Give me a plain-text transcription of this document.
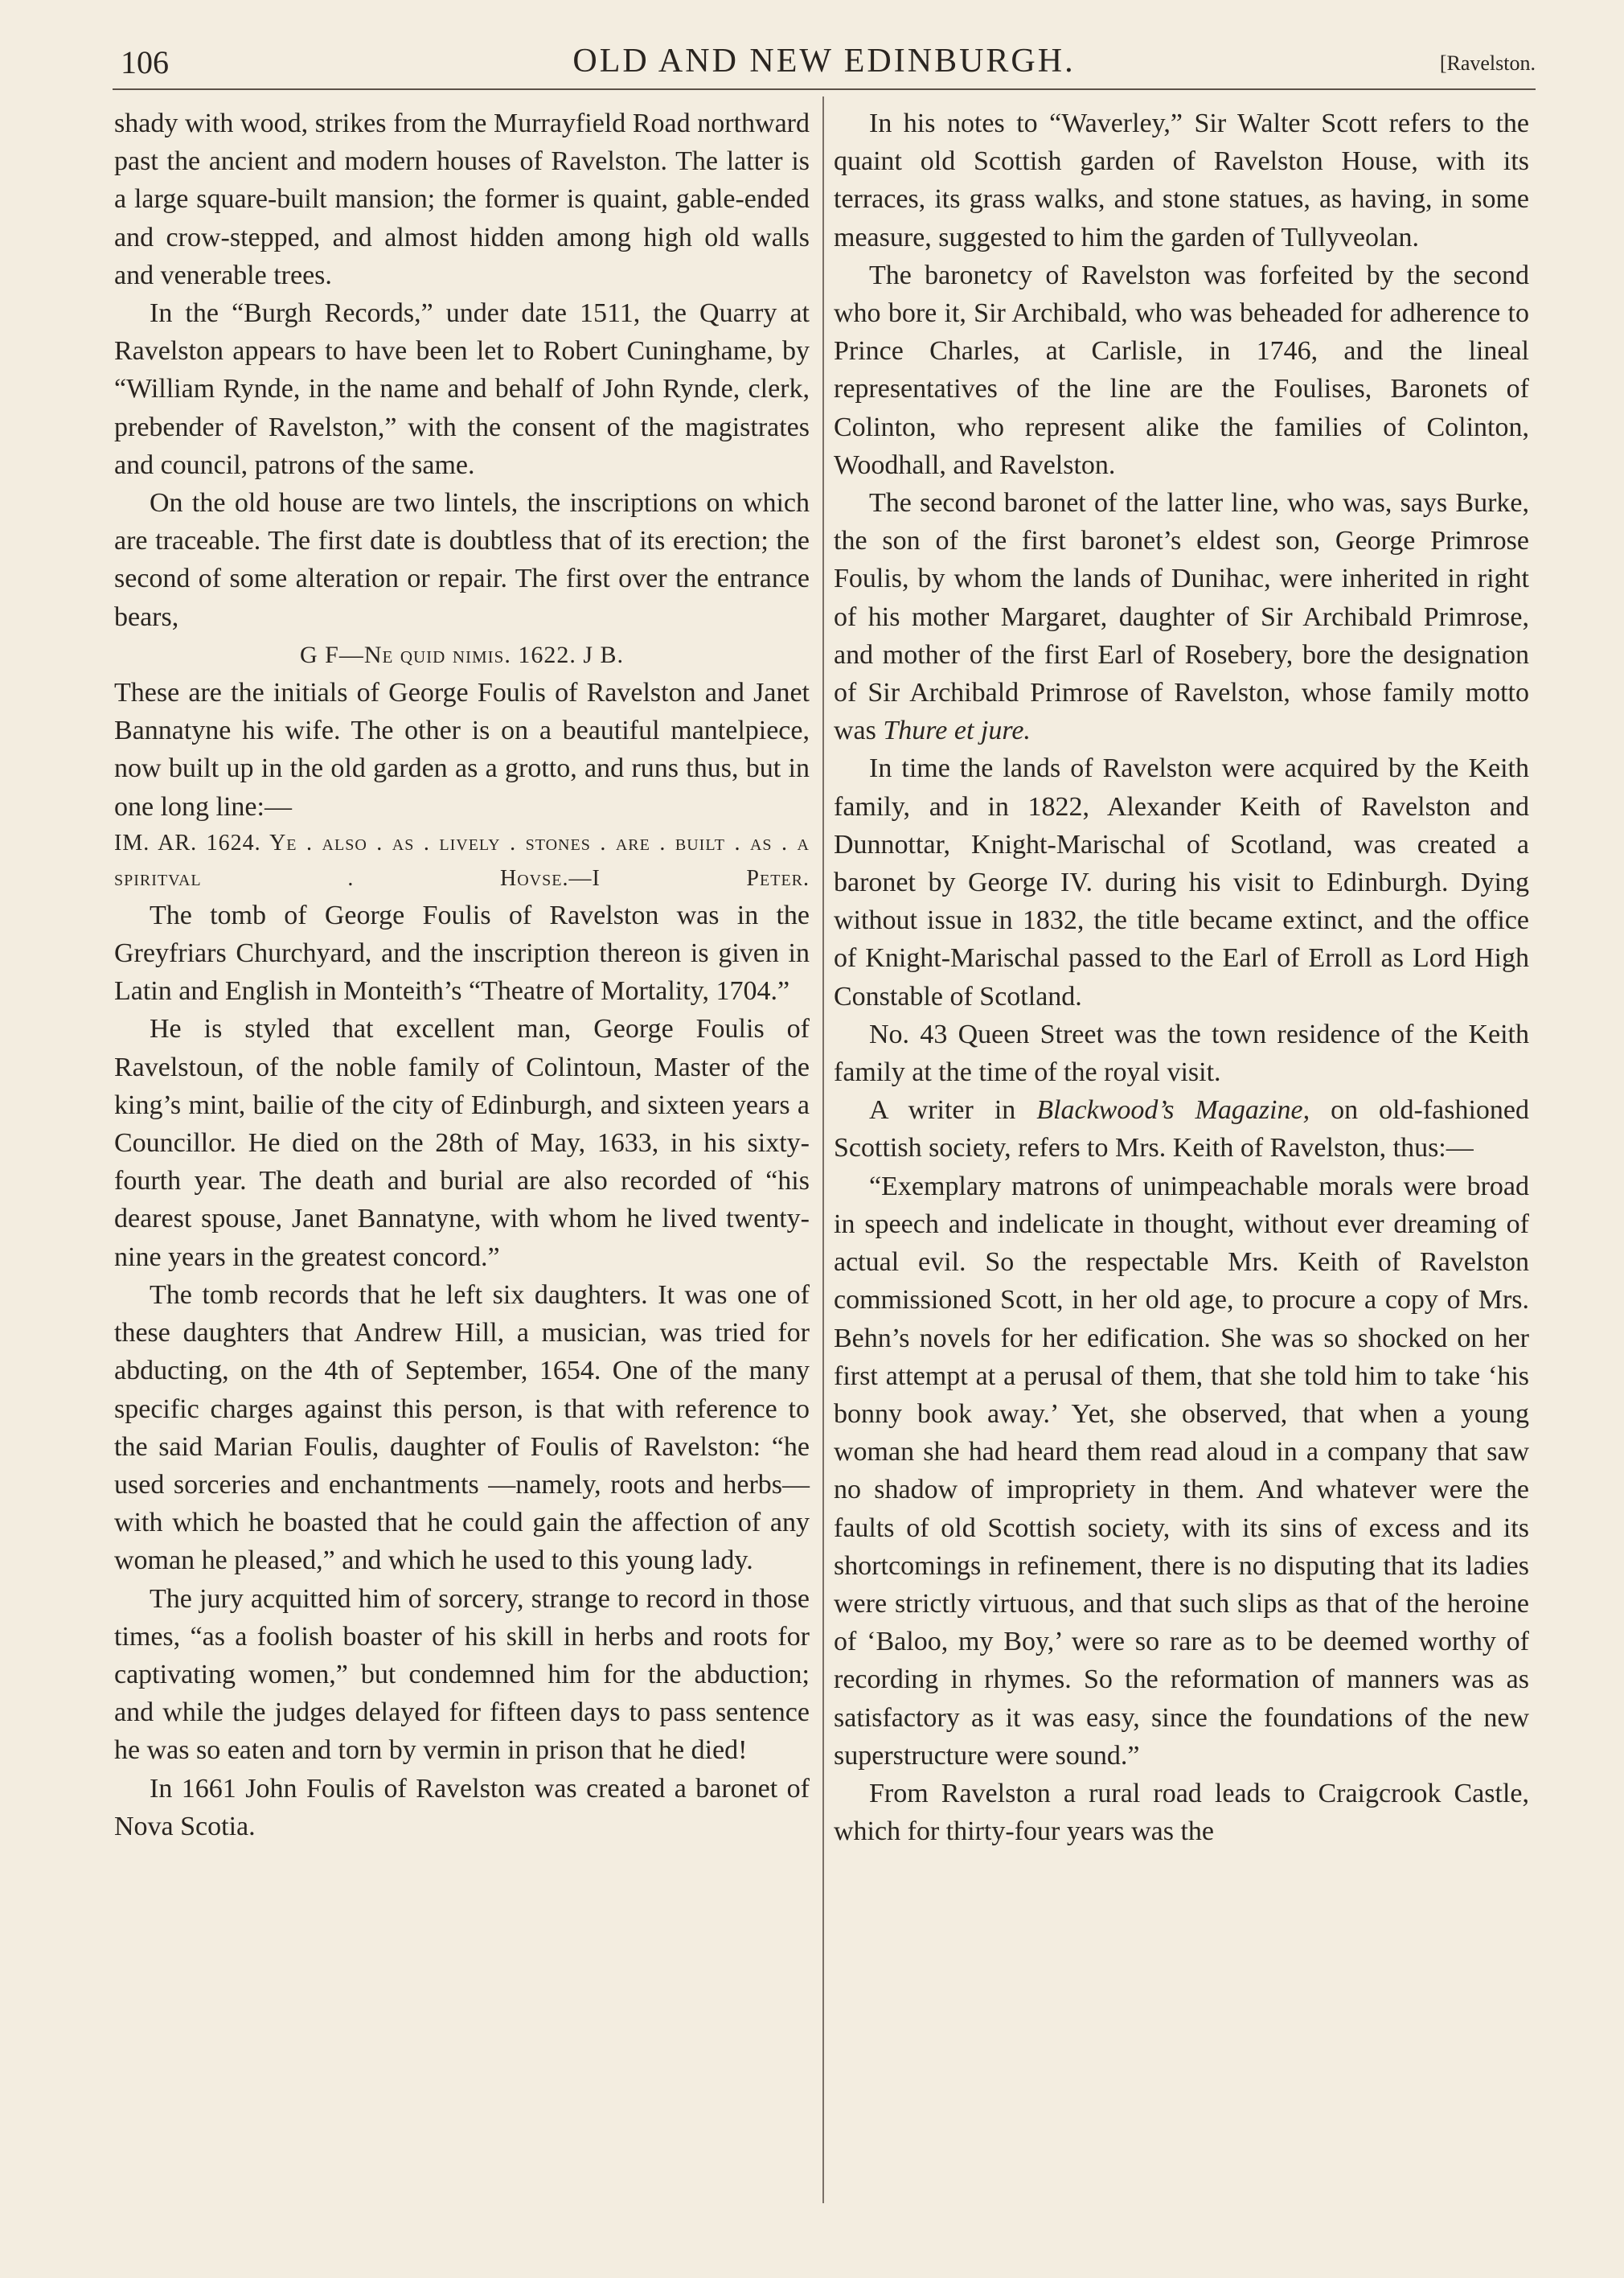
106	OLD AND NEW EDINBURGH.	[Ravelston.

shady with wood, strikes from the Murrayfield Road northward past the ancient and modern houses of Ravelston. The latter is a large square-built mansion; the former is quaint, gable-ended and crow-stepped, and almost hidden among high old walls and venerable trees.

In the “Burgh Records,” under date 1511, the Quarry at Ravelston appears to have been let to Robert Cuninghame, by “William Rynde, in the name and behalf of John Rynde, clerk, prebender of Ravelston,” with the consent of the magistrates and council, patrons of the same.

On the old house are two lintels, the inscriptions on which are traceable. The first date is doubtless that of its erection; the second of some alteration or repair. The first over the entrance bears,

G F—Ne quid nimis. 1622. J B.

These are the initials of George Foulis of Ravelston and Janet Bannatyne his wife. The other is on a beautiful mantelpiece, now built up in the old garden as a grotto, and runs thus, but in one long line:—

IM. AR. 1624. Ye . also . as . lively . stones . are . built . as . a spiritval . Hovse.—I Peter.

The tomb of George Foulis of Ravelston was in the Greyfriars Churchyard, and the inscription thereon is given in Latin and English in Monteith’s “Theatre of Mortality, 1704.”

He is styled that excellent man, George Foulis of Ravelstoun, of the noble family of Colintoun, Master of the king’s mint, bailie of the city of Edinburgh, and sixteen years a Councillor. He died on the 28th of May, 1633, in his sixty-fourth year. The death and burial are also recorded of “his dearest spouse, Janet Bannatyne, with whom he lived twenty-nine years in the greatest concord.”

The tomb records that he left six daughters. It was one of these daughters that Andrew Hill, a musician, was tried for abducting, on the 4th of September, 1654. One of the many specific charges against this person, is that with reference to the said Marian Foulis, daughter of Foulis of Ravelston: “he used sorceries and enchantments —namely, roots and herbs—with which he boasted that he could gain the affection of any woman he pleased,” and which he used to this young lady.

The jury acquitted him of sorcery, strange to record in those times, “as a foolish boaster of his skill in herbs and roots for captivating women,” but condemned him for the abduction; and while the judges delayed for fifteen days to pass sentence he was so eaten and torn by vermin in prison that he died!

In 1661 John Foulis of Ravelston was created a baronet of Nova Scotia.

In his notes to “Waverley,” Sir Walter Scott refers to the quaint old Scottish garden of Ravelston House, with its terraces, its grass walks, and stone statues, as having, in some measure, suggested to him the garden of Tullyveolan.

The baronetcy of Ravelston was forfeited by the second who bore it, Sir Archibald, who was beheaded for adherence to Prince Charles, at Carlisle, in 1746, and the lineal representatives of the line are the Foulises, Baronets of Colinton, who represent alike the families of Colinton, Woodhall, and Ravelston.

The second baronet of the latter line, who was, says Burke, the son of the first baronet’s eldest son, George Primrose Foulis, by whom the lands of Dunihac, were inherited in right of his mother Margaret, daughter of Sir Archibald Primrose, and mother of the first Earl of Rosebery, bore the designation of Sir Archibald Primrose of Ravelston, whose family motto was Thure et jure.

In time the lands of Ravelston were acquired by the Keith family, and in 1822, Alexander Keith of Ravelston and Dunnottar, Knight-Marischal of Scotland, was created a baronet by George IV. during his visit to Edinburgh. Dying without issue in 1832, the title became extinct, and the office of Knight-Marischal passed to the Earl of Erroll as Lord High Constable of Scotland.

No. 43 Queen Street was the town residence of the Keith family at the time of the royal visit.

A writer in Blackwood’s Magazine, on old-fashioned Scottish society, refers to Mrs. Keith of Ravelston, thus:—

“Exemplary matrons of unimpeachable morals were broad in speech and indelicate in thought, without ever dreaming of actual evil. So the respectable Mrs. Keith of Ravelston commissioned Scott, in her old age, to procure a copy of Mrs. Behn’s novels for her edification. She was so shocked on her first attempt at a perusal of them, that she told him to take ‘his bonny book away.’ Yet, she observed, that when a young woman she had heard them read aloud in a company that saw no shadow of impropriety in them. And whatever were the faults of old Scottish society, with its sins of excess and its shortcomings in refinement, there is no disputing that its ladies were strictly virtuous, and that such slips as that of the heroine of ‘Baloo, my Boy,’ were so rare as to be deemed worthy of recording in rhymes. So the reformation of manners was as satisfactory as it was easy, since the foundations of the new superstructure were sound.”

From Ravelston a rural road leads to Craigcrook Castle, which for thirty-four years was the
